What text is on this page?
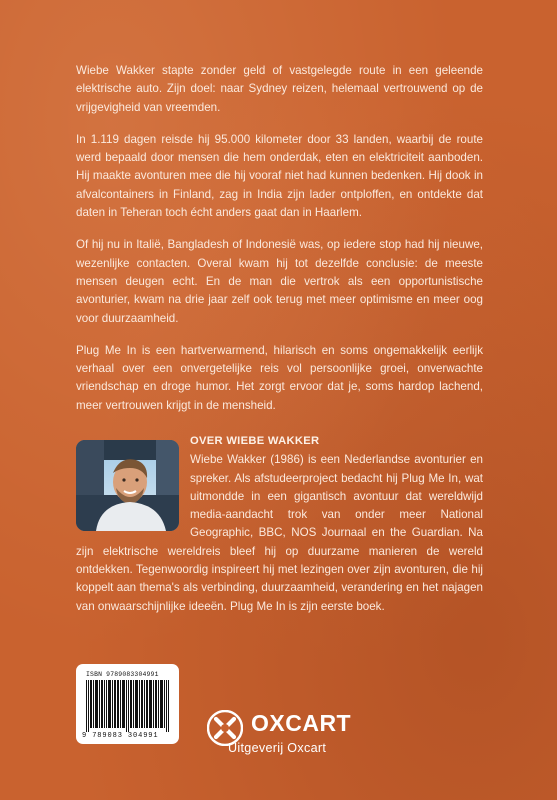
Wiebe Wakker stapte zonder geld of vastgelegde route in een geleende elektrische auto. Zijn doel: naar Sydney reizen, helemaal vertrouwend op de vrijgevigheid van vreemden.

In 1.119 dagen reisde hij 95.000 kilometer door 33 landen, waarbij de route werd bepaald door mensen die hem onderdak, eten en elektriciteit aanboden. Hij maakte avonturen mee die hij vooraf niet had kunnen bedenken. Hij dook in afvalcontainers in Finland, zag in India zijn lader ontploffen, en ontdekte dat daten in Teheran toch écht anders gaat dan in Haarlem.

Of hij nu in Italië, Bangladesh of Indonesië was, op iedere stop had hij nieuwe, wezenlijke contacten. Overal kwam hij tot dezelfde conclusie: de meeste mensen deugen echt. En de man die vertrok als een opportunistische avonturier, kwam na drie jaar zelf ook terug met meer optimisme en meer oog voor duurzaamheid.

Plug Me In is een hartverwarmend, hilarisch en soms ongemakkelijk eerlijk verhaal over een onvergetelijke reis vol persoonlijke groei, onverwachte vriendschap en droge humor. Het zorgt ervoor dat je, soms hardop lachend, meer vertrouwen krijgt in de mensheid.

OVER WIEBE WAKKER

Wiebe Wakker (1986) is een Nederlandse avonturier en spreker. Als afstudeerproject bedacht hij Plug Me In, wat uitmondde in een gigantisch avontuur dat wereldwijd media-aandacht trok van onder meer National Geographic, BBC, NOS Journaal en the Guardian. Na zijn elektrische wereldreis bleef hij op duurzame manieren de wereld ontdekken. Tegenwoordig inspireert hij met lezingen over zijn avonturen, die hij koppelt aan thema's als verbinding, duurzaamheid, verandering en het najagen van onwaarschijnlijke ideeën. Plug Me In is zijn eerste boek.

ISBN 9789083304991
9 789083 304991	OXCART
Uitgeverij Oxcart
